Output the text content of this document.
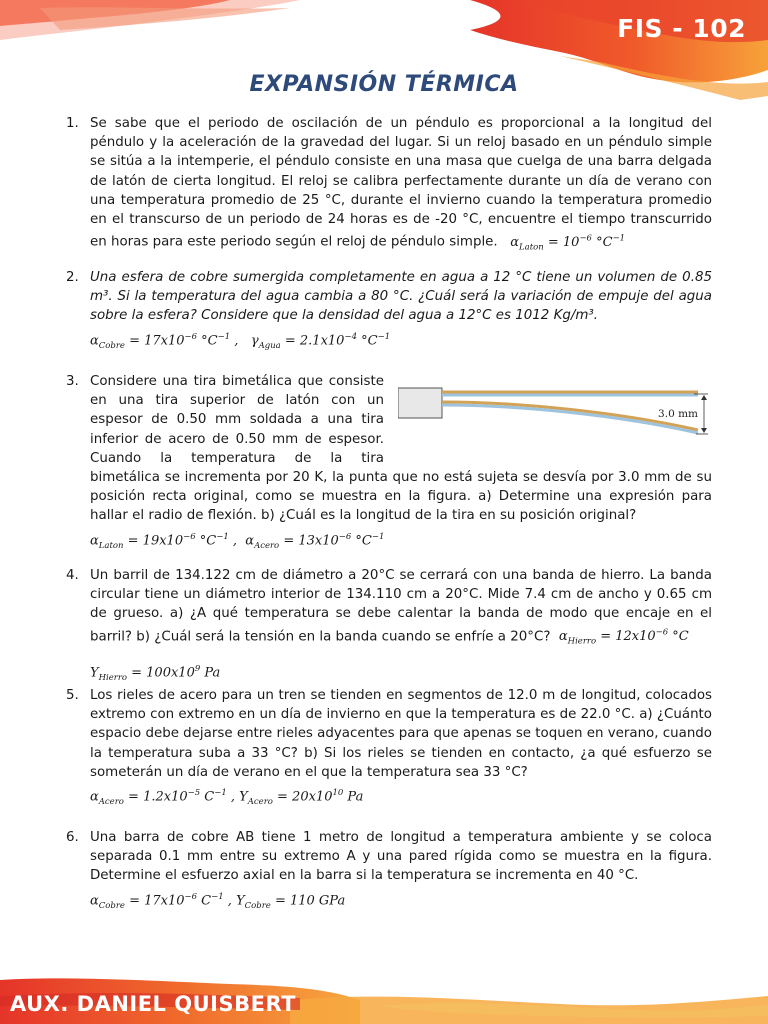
FIS - 102
EXPANSIÓN TÉRMICA
1. Se sabe que el periodo de oscilación de un péndulo es proporcional a la longitud del péndulo y la aceleración de la gravedad del lugar. Si un reloj basado en un péndulo simple se sitúa a la intemperie, el péndulo consiste en una masa que cuelga de una barra delgada de latón de cierta longitud. El reloj se calibra perfectamente durante un día de verano con una temperatura promedio de 25 °C, durante el invierno cuando la temperatura promedio en el transcurso de un periodo de 24 horas es de -20 °C, encuentre el tiempo transcurrido en horas para este periodo según el reloj de péndulo simple.   $\alpha_{Laton} = 10^{-6}$ $^\circ C^{-1}$
2. Una esfera de cobre sumergida completamente en agua a 12 °C tiene un volumen de 0.85 m³. Si la temperatura del agua cambia a 80 °C. ¿Cuál será la variación de empuje del agua sobre la esfera? Considere que la densidad del agua a 12°C es 1012 Kg/m³.
$\alpha_{Cobre} = 17x10^{-6}$ $^\circ C^{-1}$ ,   $\gamma_{Agua} = 2.1x10^{-4}$ $^\circ C^{-1}$
3. Considere una tira bimetálica que consiste en una tira superior de latón con un espesor de 0.50 mm soldada a una tira inferior de acero de 0.50 mm de espesor. Cuando la temperatura de la tira bimetálica se incrementa por 20 K, la punta que no está sujeta se desvía por 3.0 mm de su posición recta original, como se muestra en la figura. a) Determine una expresión para hallar el radio de flexión. b) ¿Cuál es la longitud de la tira en su posición original?
$\alpha_{Laton} = 19x10^{-6}$ $^\circ C^{-1}$ ,  $\alpha_{Acero} = 13x10^{-6}$ $^\circ C^{-1}$
4. Un barril de 134.122 cm de diámetro a 20°C se cerrará con una banda de hierro. La banda circular tiene un diámetro interior de 134.110 cm a 20°C. Mide 7.4 cm de ancho y 0.65 cm de grueso. a) ¿A qué temperatura se debe calentar la banda de modo que encaje en el barril? b) ¿Cuál será la tensión en la banda cuando se enfríe a 20°C?  $\alpha_{Hierro} = 12x10^{-6}$ °C
$Y_{Hierro} = 100x10^9$ Pa
5. Los rieles de acero para un tren se tienden en segmentos de 12.0 m de longitud, colocados extremo con extremo en un día de invierno en que la temperatura es de 22.0 °C. a) ¿Cuánto espacio debe dejarse entre rieles adyacentes para que apenas se toquen en verano, cuando la temperatura suba a 33 °C? b) Si los rieles se tienden en contacto, ¿a qué esfuerzo se someterán un día de verano en el que la temperatura sea 33 °C?
$\alpha_{Acero} = 1.2x10^{-5}$ $C^{-1}$ , $Y_{Acero} = 20x10^{10}$ Pa
6. Una barra de cobre AB tiene 1 metro de longitud a temperatura ambiente y se coloca separada 0.1 mm entre su extremo A y una pared rígida como se muestra en la figura. Determine el esfuerzo axial en la barra si la temperatura se incrementa en 40 °C.
$\alpha_{Cobre} = 17x10^{-6}$ $C^{-1}$ , $Y_{Cobre} = 110$ GPa
3.0 mm
AUX. DANIEL QUISBERT
